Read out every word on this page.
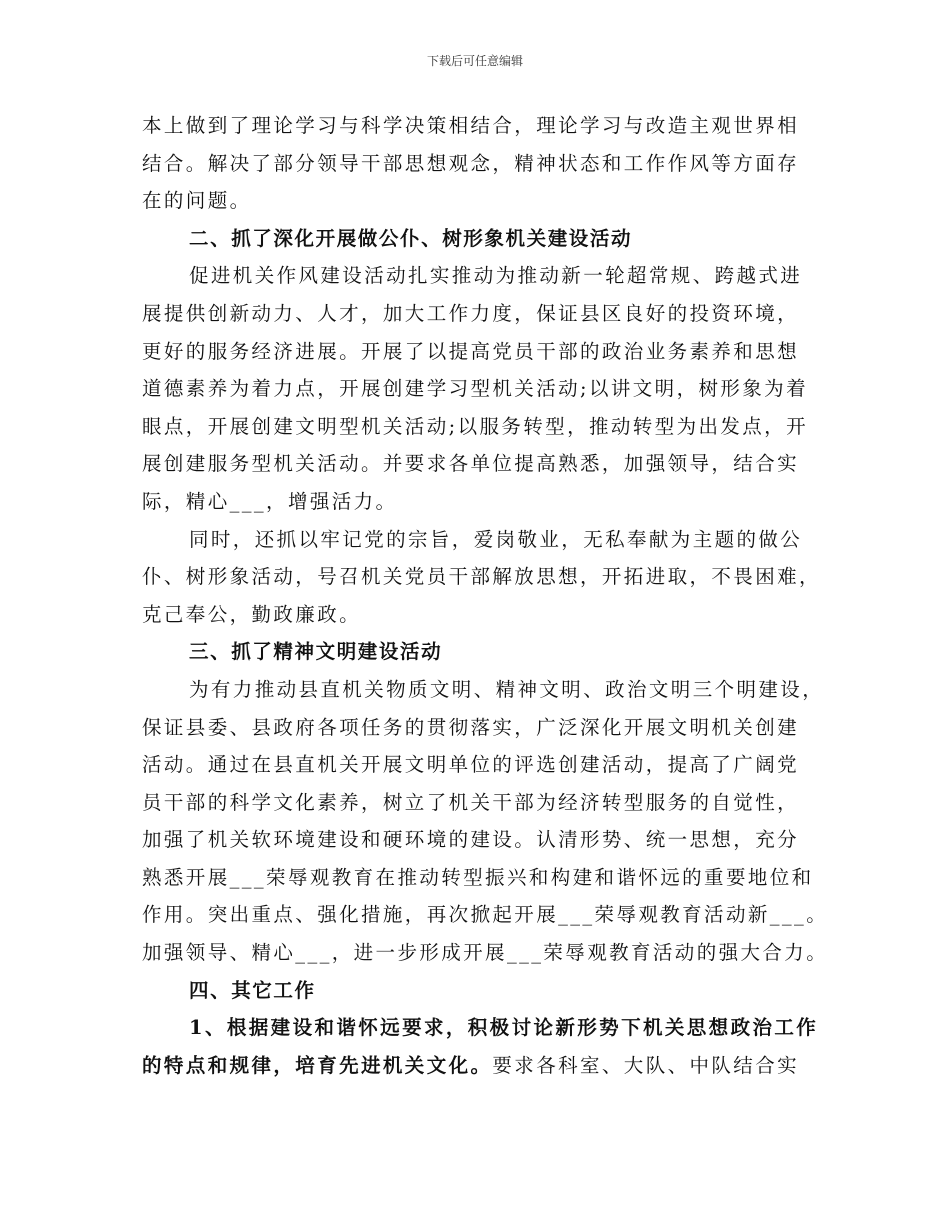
下载后可任意编辑
本上做到了理论学习与科学决策相结合，理论学习与改造主观世界相
结合。解决了部分领导干部思想观念，精神状态和工作作风等方面存
在的问题。
二、抓了深化开展做公仆、树形象机关建设活动
促进机关作风建设活动扎实推动为推动新一轮超常规、跨越式进
展提供创新动力、人才，加大工作力度，保证县区良好的投资环境，
更好的服务经济进展。开展了以提高党员干部的政治业务素养和思想
道德素养为着力点，开展创建学习型机关活动;以讲文明，树形象为着
眼点，开展创建文明型机关活动;以服务转型，推动转型为出发点，开
展创建服务型机关活动。并要求各单位提高熟悉，加强领导，结合实
际，精心___，增强活力。
同时，还抓以牢记党的宗旨，爱岗敬业，无私奉献为主题的做公
仆、树形象活动，号召机关党员干部解放思想，开拓进取，不畏困难，
克己奉公，勤政廉政。
三、抓了精神文明建设活动
为有力推动县直机关物质文明、精神文明、政治文明三个明建设，
保证县委、县政府各项任务的贯彻落实，广泛深化开展文明机关创建
活动。通过在县直机关开展文明单位的评选创建活动，提高了广阔党
员干部的科学文化素养，树立了机关干部为经济转型服务的自觉性，
加强了机关软环境建设和硬环境的建设。认清形势、统一思想，充分
熟悉开展___荣辱观教育在推动转型振兴和构建和谐怀远的重要地位和
作用。突出重点、强化措施，再次掀起开展___荣辱观教育活动新___。
加强领导、精心___，进一步形成开展___荣辱观教育活动的强大合力。
四、其它工作
1、根据建设和谐怀远要求，积极讨论新形势下机关思想政治工作
的特点和规律，培育先进机关文化。要求各科室、大队、中队结合实
